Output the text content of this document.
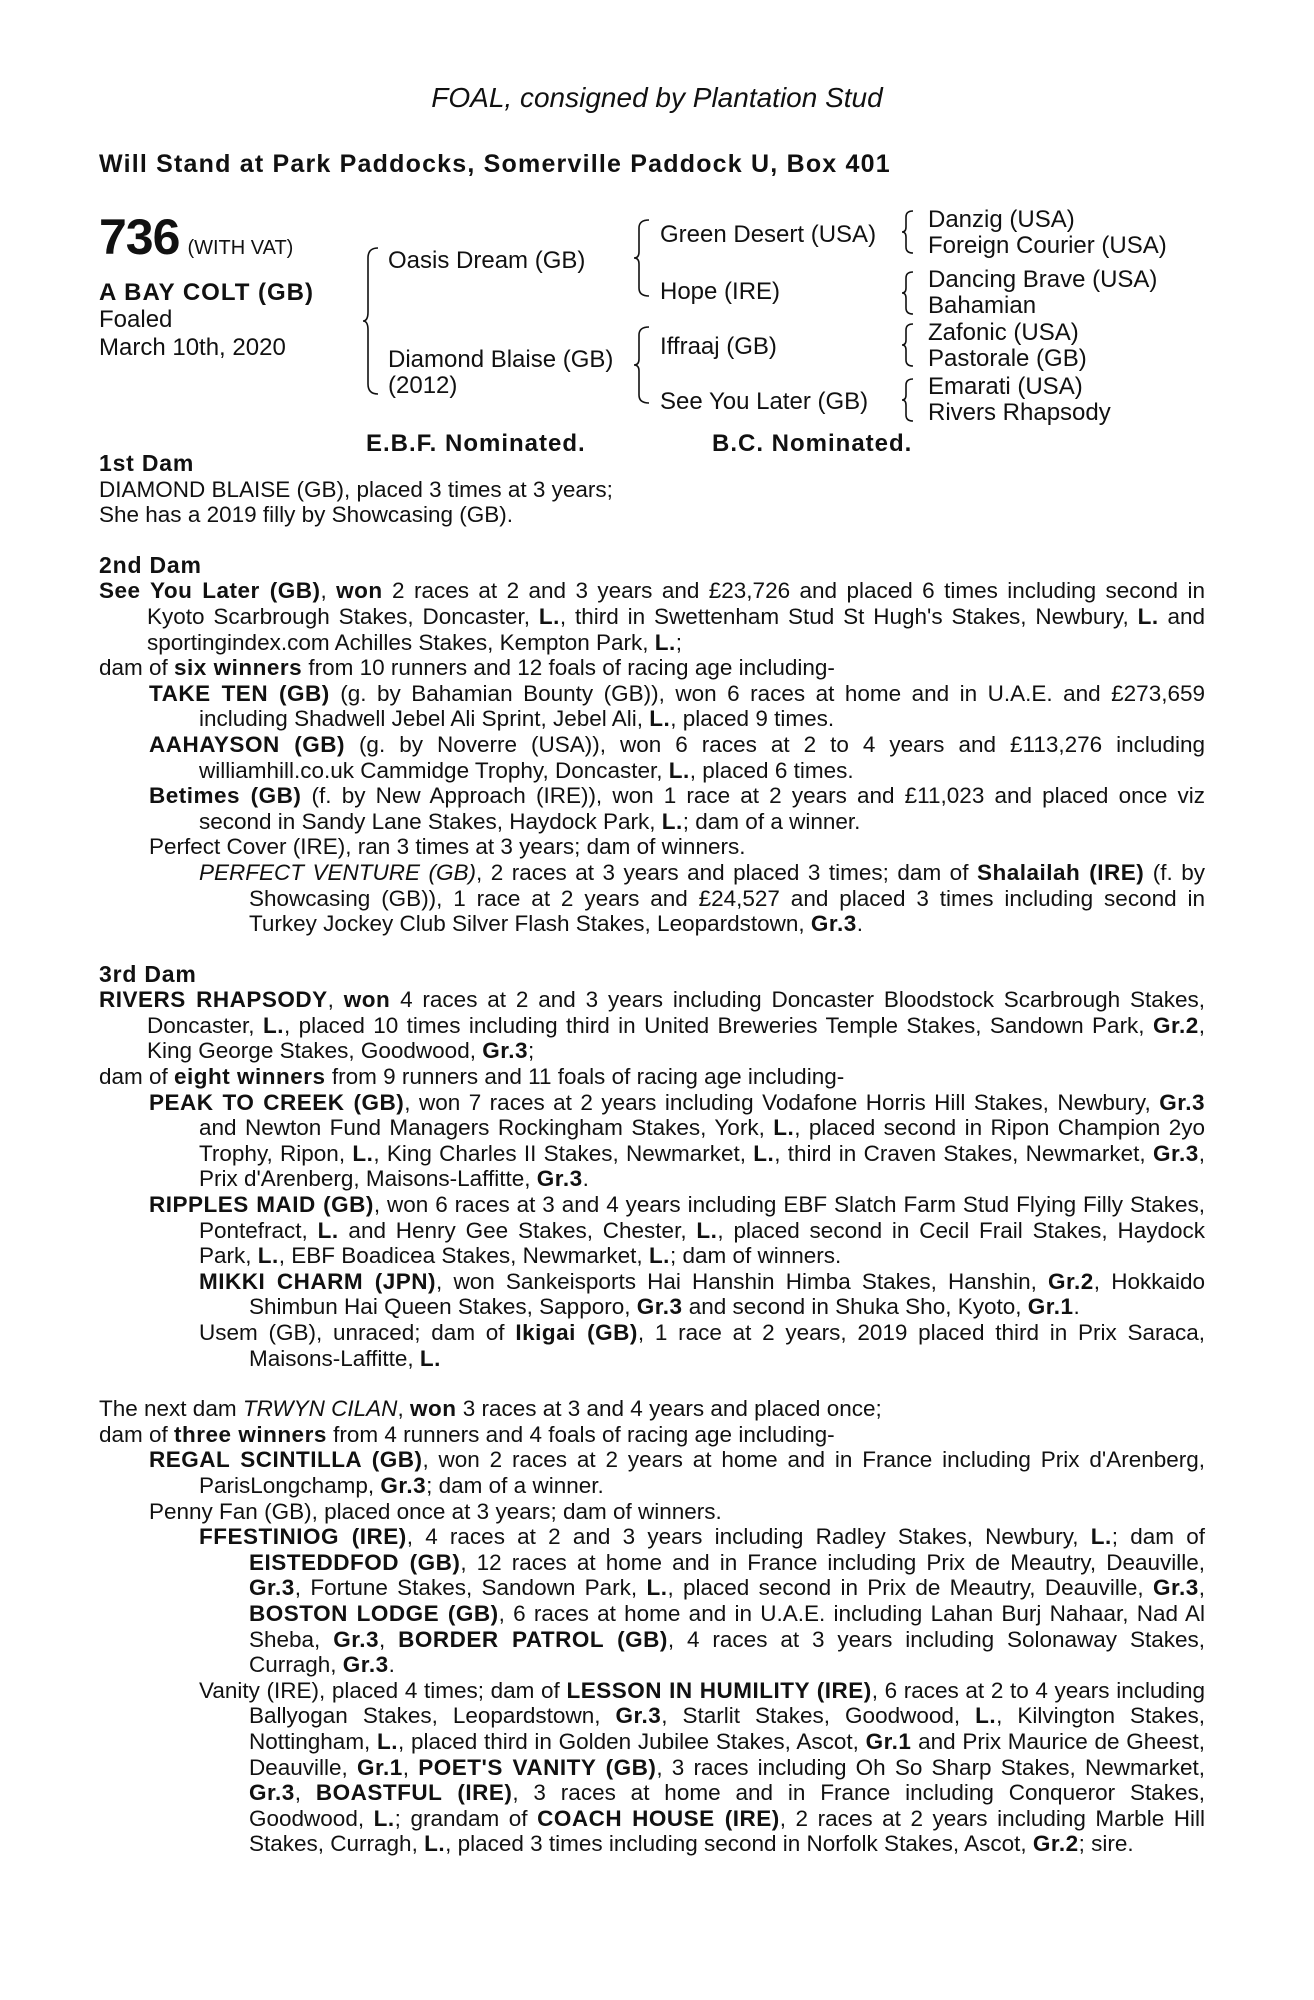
FOAL, consigned by Plantation Stud
Will Stand at Park Paddocks, Somerville Paddock U, Box 401
736 (WITH VAT)
A BAY COLT (GB)
Foaled
March 10th, 2020
Oasis Dream (GB)
Diamond Blaise (GB)
(2012)
Green Desert (USA)
Hope (IRE)
Iffraaj (GB)
See You Later (GB)
Danzig (USA)
Foreign Courier (USA)
Dancing Brave (USA)
Bahamian
Zafonic (USA)
Pastorale (GB)
Emarati (USA)
Rivers Rhapsody
E.B.F. Nominated.	B.C. Nominated.
1st Dam
DIAMOND BLAISE (GB), placed 3 times at 3 years;
She has a 2019 filly by Showcasing (GB).
2nd Dam
See You Later (GB), won 2 races at 2 and 3 years and £23,726 and placed 6 times including second in Kyoto Scarbrough Stakes, Doncaster, L., third in Swettenham Stud St Hugh's Stakes, Newbury, L. and sportingindex.com Achilles Stakes, Kempton Park, L.;
dam of six winners from 10 runners and 12 foals of racing age including-
TAKE TEN (GB) (g. by Bahamian Bounty (GB)), won 6 races at home and in U.A.E. and £273,659 including Shadwell Jebel Ali Sprint, Jebel Ali, L., placed 9 times.
AAHAYSON (GB) (g. by Noverre (USA)), won 6 races at 2 to 4 years and £113,276 including williamhill.co.uk Cammidge Trophy, Doncaster, L., placed 6 times.
Betimes (GB) (f. by New Approach (IRE)), won 1 race at 2 years and £11,023 and placed once viz second in Sandy Lane Stakes, Haydock Park, L.; dam of a winner.
Perfect Cover (IRE), ran 3 times at 3 years; dam of winners.
PERFECT VENTURE (GB), 2 races at 3 years and placed 3 times; dam of Shalailah (IRE) (f. by Showcasing (GB)), 1 race at 2 years and £24,527 and placed 3 times including second in Turkey Jockey Club Silver Flash Stakes, Leopardstown, Gr.3.
3rd Dam
RIVERS RHAPSODY, won 4 races at 2 and 3 years including Doncaster Bloodstock Scarbrough Stakes, Doncaster, L., placed 10 times including third in United Breweries Temple Stakes, Sandown Park, Gr.2, King George Stakes, Goodwood, Gr.3;
dam of eight winners from 9 runners and 11 foals of racing age including-
PEAK TO CREEK (GB), won 7 races at 2 years including Vodafone Horris Hill Stakes, Newbury, Gr.3 and Newton Fund Managers Rockingham Stakes, York, L., placed second in Ripon Champion 2yo Trophy, Ripon, L., King Charles II Stakes, Newmarket, L., third in Craven Stakes, Newmarket, Gr.3, Prix d'Arenberg, Maisons-Laffitte, Gr.3.
RIPPLES MAID (GB), won 6 races at 3 and 4 years including EBF Slatch Farm Stud Flying Filly Stakes, Pontefract, L. and Henry Gee Stakes, Chester, L., placed second in Cecil Frail Stakes, Haydock Park, L., EBF Boadicea Stakes, Newmarket, L.; dam of winners.
MIKKI CHARM (JPN), won Sankeisports Hai Hanshin Himba Stakes, Hanshin, Gr.2, Hokkaido Shimbun Hai Queen Stakes, Sapporo, Gr.3 and second in Shuka Sho, Kyoto, Gr.1.
Usem (GB), unraced; dam of Ikigai (GB), 1 race at 2 years, 2019 placed third in Prix Saraca, Maisons-Laffitte, L.
The next dam TRWYN CILAN, won 3 races at 3 and 4 years and placed once;
dam of three winners from 4 runners and 4 foals of racing age including-
REGAL SCINTILLA (GB), won 2 races at 2 years at home and in France including Prix d'Arenberg, ParisLongchamp, Gr.3; dam of a winner.
Penny Fan (GB), placed once at 3 years; dam of winners.
FFESTINIOG (IRE), 4 races at 2 and 3 years including Radley Stakes, Newbury, L.; dam of EISTEDDFOD (GB), 12 races at home and in France including Prix de Meautry, Deauville, Gr.3, Fortune Stakes, Sandown Park, L., placed second in Prix de Meautry, Deauville, Gr.3, BOSTON LODGE (GB), 6 races at home and in U.A.E. including Lahan Burj Nahaar, Nad Al Sheba, Gr.3, BORDER PATROL (GB), 4 races at 3 years including Solonaway Stakes, Curragh, Gr.3.
Vanity (IRE), placed 4 times; dam of LESSON IN HUMILITY (IRE), 6 races at 2 to 4 years including Ballyogan Stakes, Leopardstown, Gr.3, Starlit Stakes, Goodwood, L., Kilvington Stakes, Nottingham, L., placed third in Golden Jubilee Stakes, Ascot, Gr.1 and Prix Maurice de Gheest, Deauville, Gr.1, POET'S VANITY (GB), 3 races including Oh So Sharp Stakes, Newmarket, Gr.3, BOASTFUL (IRE), 3 races at home and in France including Conqueror Stakes, Goodwood, L.; grandam of COACH HOUSE (IRE), 2 races at 2 years including Marble Hill Stakes, Curragh, L., placed 3 times including second in Norfolk Stakes, Ascot, Gr.2; sire.
